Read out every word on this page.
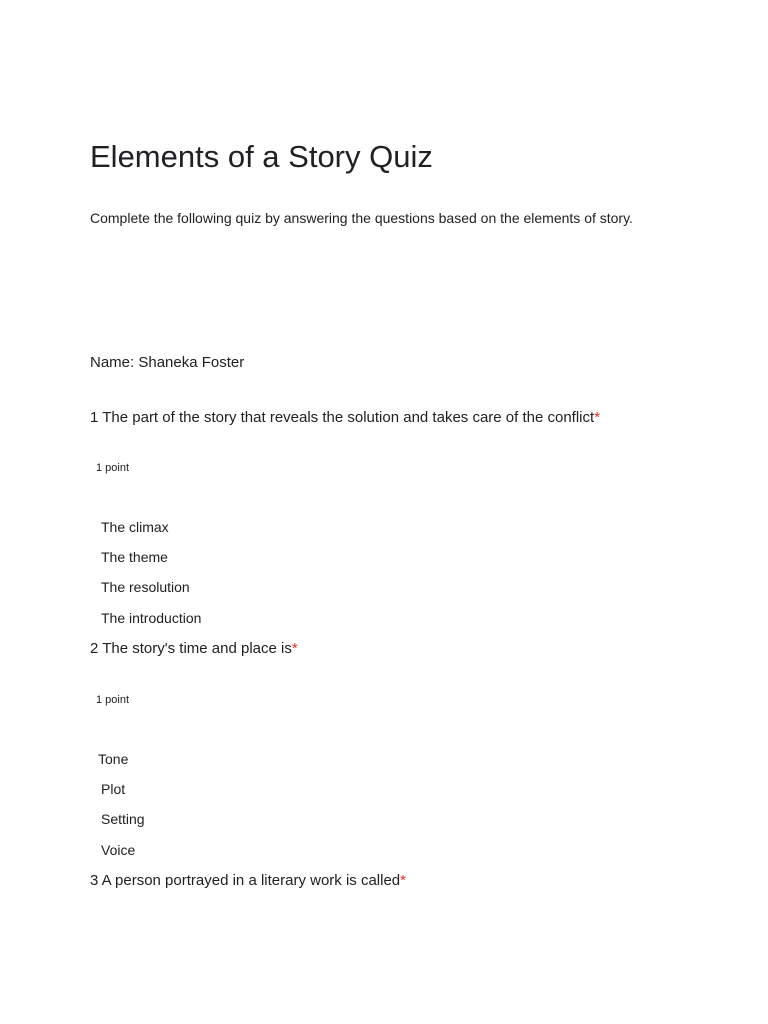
Elements of a Story Quiz
Complete the following quiz by answering the questions based on the elements of story.
Name: Shaneka Foster
1 The part of the story that reveals the solution and takes care of the conflict*
1 point
The climax
The theme
The resolution
The introduction
2 The story's time and place is*
1 point
Tone
Plot
Setting
Voice
3 A person portrayed in a literary work is called*
